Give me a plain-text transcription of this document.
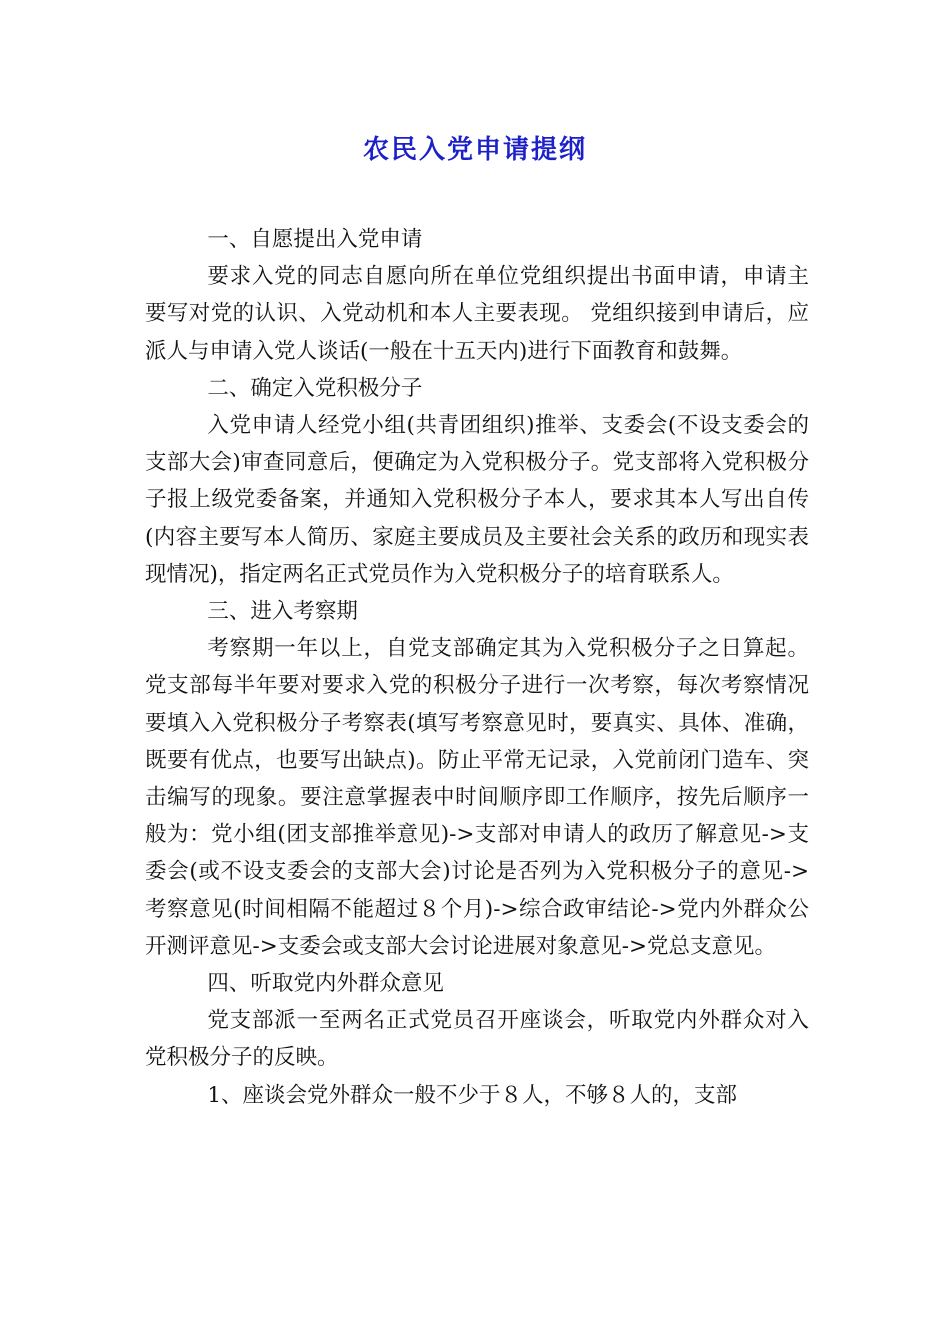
农民入党申请提纲

一、自愿提出入党申请

要求入党的同志自愿向所在单位党组织提出书面申请，申请主要写对党的认识、入党动机和本人主要表现。 党组织接到申请后，应派人与申请入党人谈话(一般在十五天内)进行下面教育和鼓舞。

二、确定入党积极分子

入党申请人经党小组(共青团组织)推举、支委会(不设支委会的支部大会)审查同意后，便确定为入党积极分子。党支部将入党积极分子报上级党委备案，并通知入党积极分子本人，要求其本人写出自传(内容主要写本人简历、家庭主要成员及主要社会关系的政历和现实表现情况)，指定两名正式党员作为入党积极分子的培育联系人。

三、进入考察期

考察期一年以上，自党支部确定其为入党积极分子之日算起。党支部每半年要对要求入党的积极分子进行一次考察，每次考察情况要填入入党积极分子考察表(填写考察意见时，要真实、具体、准确，既要有优点，也要写出缺点)。防止平常无记录，入党前闭门造车、突击编写的现象。要注意掌握表中时间顺序即工作顺序，按先后顺序一般为：党小组(团支部推举意见)->支部对申请人的政历了解意见->支委会(或不设支委会的支部大会)讨论是否列为入党积极分子的意见->考察意见(时间相隔不能超过８个月)->综合政审结论->党内外群众公开测评意见->支委会或支部大会讨论进展对象意见->党总支意见。

四、听取党内外群众意见

党支部派一至两名正式党员召开座谈会，听取党内外群众对入党积极分子的反映。

1、座谈会党外群众一般不少于８人，不够８人的，支部
